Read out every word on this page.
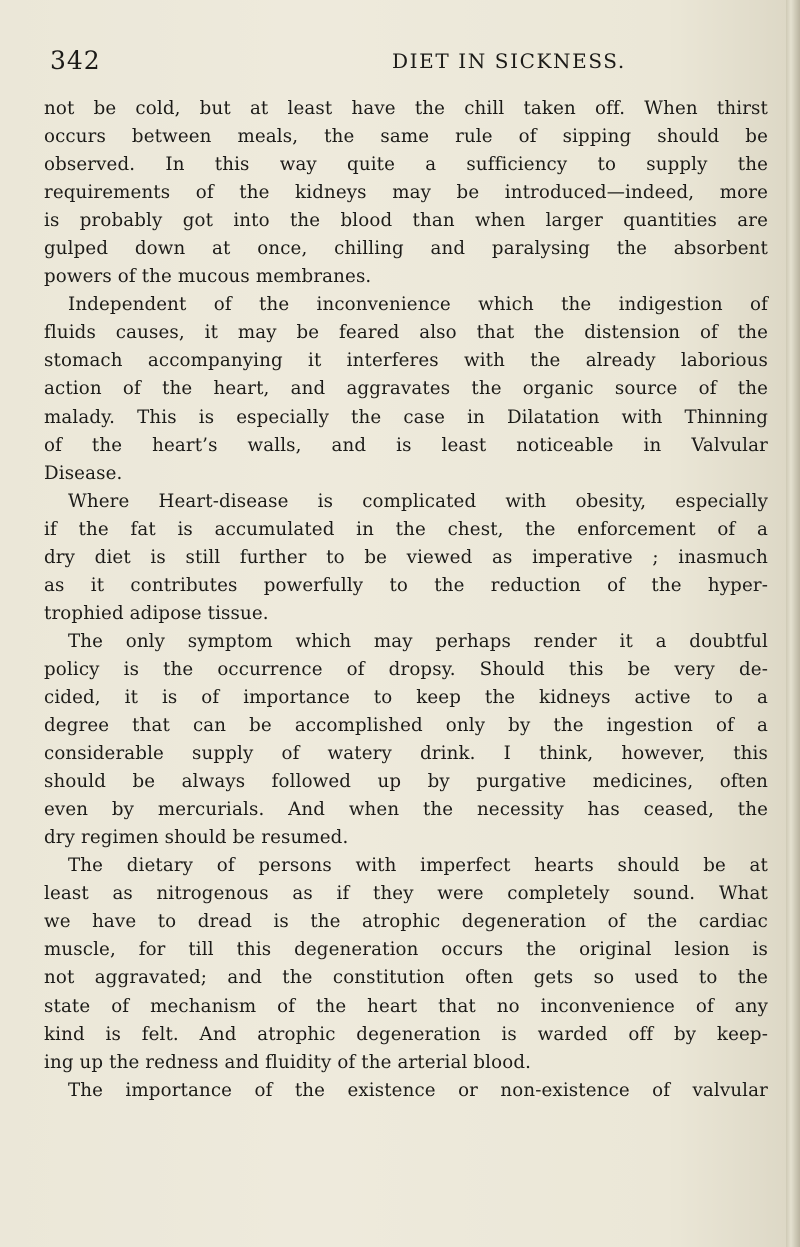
342	DIET IN SICKNESS.
not be cold, but at least have the chill taken off. When thirst
occurs between meals, the same rule of sipping should be
observed. In this way quite a sufficiency to supply the
requirements of the kidneys may be introduced—indeed, more
is probably got into the blood than when larger quantities are
gulped down at once, chilling and paralysing the absorbent
powers of the mucous membranes.
Independent of the inconvenience which the indigestion of
fluids causes, it may be feared also that the distension of the
stomach accompanying it interferes with the already laborious
action of the heart, and aggravates the organic source of the
malady. This is especially the case in Dilatation with Thinning
of the heart’s walls, and is least noticeable in Valvular
Disease.
Where Heart-disease is complicated with obesity, especially
if the fat is accumulated in the chest, the enforcement of a
dry diet is still further to be viewed as imperative ; inasmuch
as it contributes powerfully to the reduction of the hyper-
trophied adipose tissue.
The only symptom which may perhaps render it a doubtful
policy is the occurrence of dropsy. Should this be very de-
cided, it is of importance to keep the kidneys active to a
degree that can be accomplished only by the ingestion of a
considerable supply of watery drink. I think, however, this
should be always followed up by purgative medicines, often
even by mercurials. And when the necessity has ceased, the
dry regimen should be resumed.
The dietary of persons with imperfect hearts should be at
least as nitrogenous as if they were completely sound. What
we have to dread is the atrophic degeneration of the cardiac
muscle, for till this degeneration occurs the original lesion is
not aggravated; and the constitution often gets so used to the
state of mechanism of the heart that no inconvenience of any
kind is felt. And atrophic degeneration is warded off by keep-
ing up the redness and fluidity of the arterial blood.
The importance of the existence or non-existence of valvular
